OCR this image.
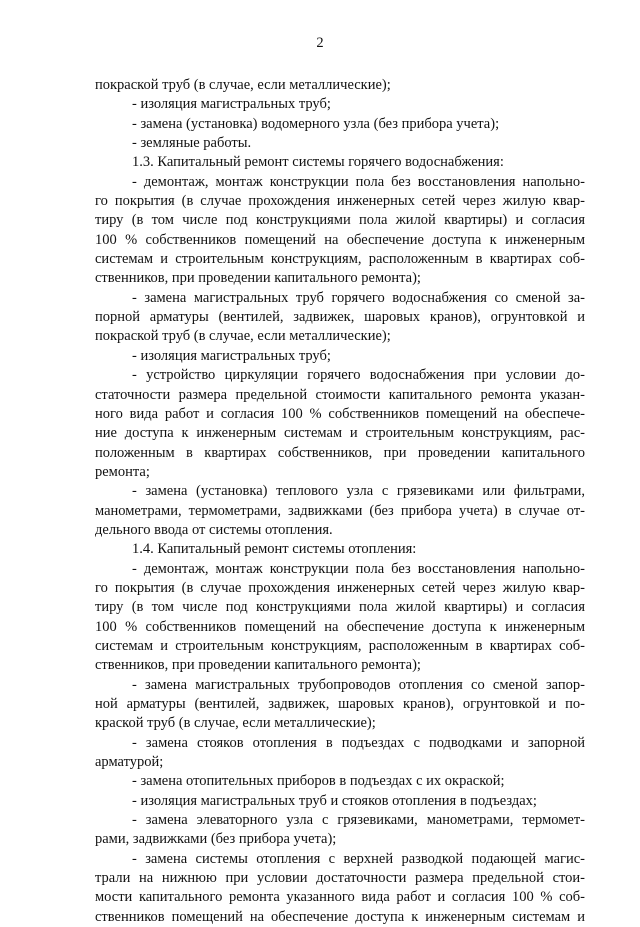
2
покраской труб (в случае, если металлические);
- изоляция магистральных труб;
- замена (установка) водомерного узла (без прибора учета);
- земляные работы.
1.3. Капитальный ремонт системы горячего водоснабжения:
- демонтаж, монтаж конструкции пола без восстановления напольно-
го покрытия (в случае прохождения инженерных сетей через жилую квар-
тиру (в том числе под конструкциями пола жилой квартиры) и согласия
100 % собственников помещений на обеспечение доступа к инженерным
системам и строительным конструкциям, расположенным в квартирах соб-
ственников, при проведении капитального ремонта);
- замена магистральных труб горячего водоснабжения со сменой за-
порной арматуры (вентилей, задвижек, шаровых кранов), огрунтовкой и
покраской труб (в случае, если металлические);
- изоляция магистральных труб;
- устройство циркуляции горячего водоснабжения при условии до-
статочности размера предельной стоимости капитального ремонта указан-
ного вида работ и согласия 100 % собственников помещений на обеспече-
ние доступа к инженерным системам и строительным конструкциям, рас-
положенным в квартирах собственников, при проведении капитального
ремонта;
- замена (установка) теплового узла с грязевиками или фильтрами,
манометрами, термометрами, задвижками (без прибора учета) в случае от-
дельного ввода от системы отопления.
1.4. Капитальный ремонт системы отопления:
- демонтаж, монтаж конструкции пола без восстановления напольно-
го покрытия (в случае прохождения инженерных сетей через жилую квар-
тиру (в том числе под конструкциями пола жилой квартиры) и согласия
100 % собственников помещений на обеспечение доступа к инженерным
системам и строительным конструкциям, расположенным в квартирах соб-
ственников, при проведении капитального ремонта);
- замена магистральных трубопроводов отопления со сменой запор-
ной арматуры (вентилей, задвижек, шаровых кранов), огрунтовкой и по-
краской труб (в случае, если металлические);
- замена стояков отопления в подъездах с подводками и запорной
арматурой;
- замена отопительных приборов в подъездах с их окраской;
- изоляция магистральных труб и стояков отопления в подъездах;
- замена элеваторного узла с грязевиками, манометрами, термомет-
рами, задвижками (без прибора учета);
- замена системы отопления с верхней разводкой подающей магис-
трали на нижнюю при условии достаточности размера предельной стои-
мости капитального ремонта указанного вида работ и согласия 100 % соб-
ственников помещений на обеспечение доступа к инженерным системам и
